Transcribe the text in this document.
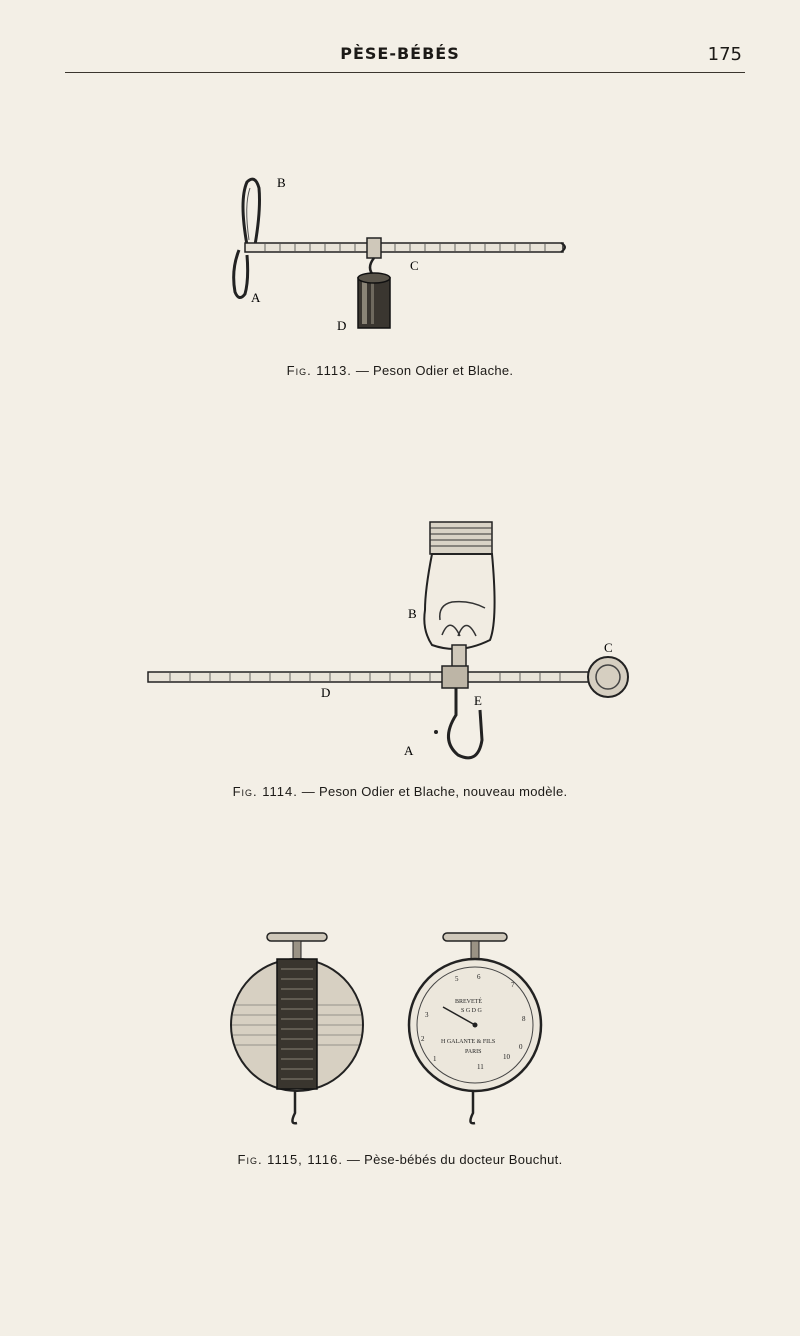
PÈSE-BÉBÉS	175
B
C
A
D
Fig. 1113. — Peson Odier et Blache.
B
C
D
E
A
Fig. 1114. — Peson Odier et Blache, nouveau modèle.
6
5
7
8
3
2
1	10
0
11
BREVETÉ
S G D G
H GALANTE & FILS
PARIS
Fig. 1115, 1116. — Pèse-bébés du docteur Bouchut.
